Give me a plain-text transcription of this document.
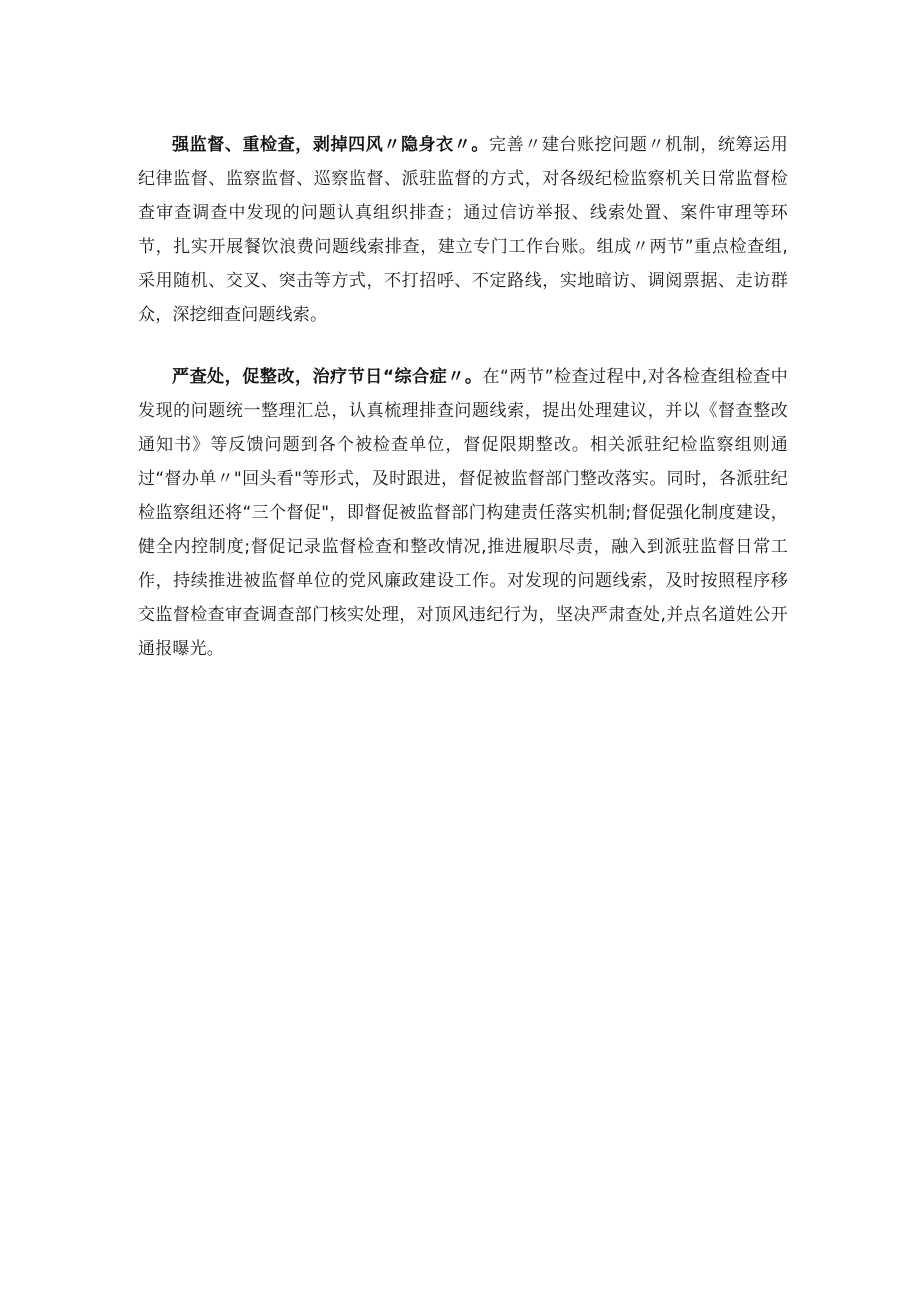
强监督、重检查，剥掉四风〃隐身衣〃。完善〃建台账挖问题〃机制，统筹运用纪律监督、监察监督、巡察监督、派驻监督的方式，对各级纪检监察机关日常监督检查审查调查中发现的问题认真组织排查；通过信访举报、线索处置、案件审理等环节，扎实开展餐饮浪费问题线索排查，建立专门工作台账。组成〃两节”重点检查组,采用随机、交叉、突击等方式，不打招呼、不定路线，实地暗访、调阅票据、走访群众，深挖细查问题线索。

严查处，促整改，治疗节日“综合症〃。在“两节”检查过程中,对各检查组检查中发现的问题统一整理汇总，认真梳理排查问题线索，提出处理建议，并以《督查整改通知书》等反馈问题到各个被检查单位，督促限期整改。相关派驻纪检监察组则通过“督办单〃"回头看"等形式，及时跟进，督促被监督部门整改落实。同时，各派驻纪检监察组还将“三个督促"，即督促被监督部门构建责任落实机制;督促强化制度建设，健全内控制度;督促记录监督检查和整改情况,推进履职尽责，融入到派驻监督日常工作，持续推进被监督单位的党风廉政建设工作。对发现的问题线索，及时按照程序移交监督检查审查调查部门核实处理，对顶风违纪行为，坚决严肃查处,并点名道姓公开通报曝光。
